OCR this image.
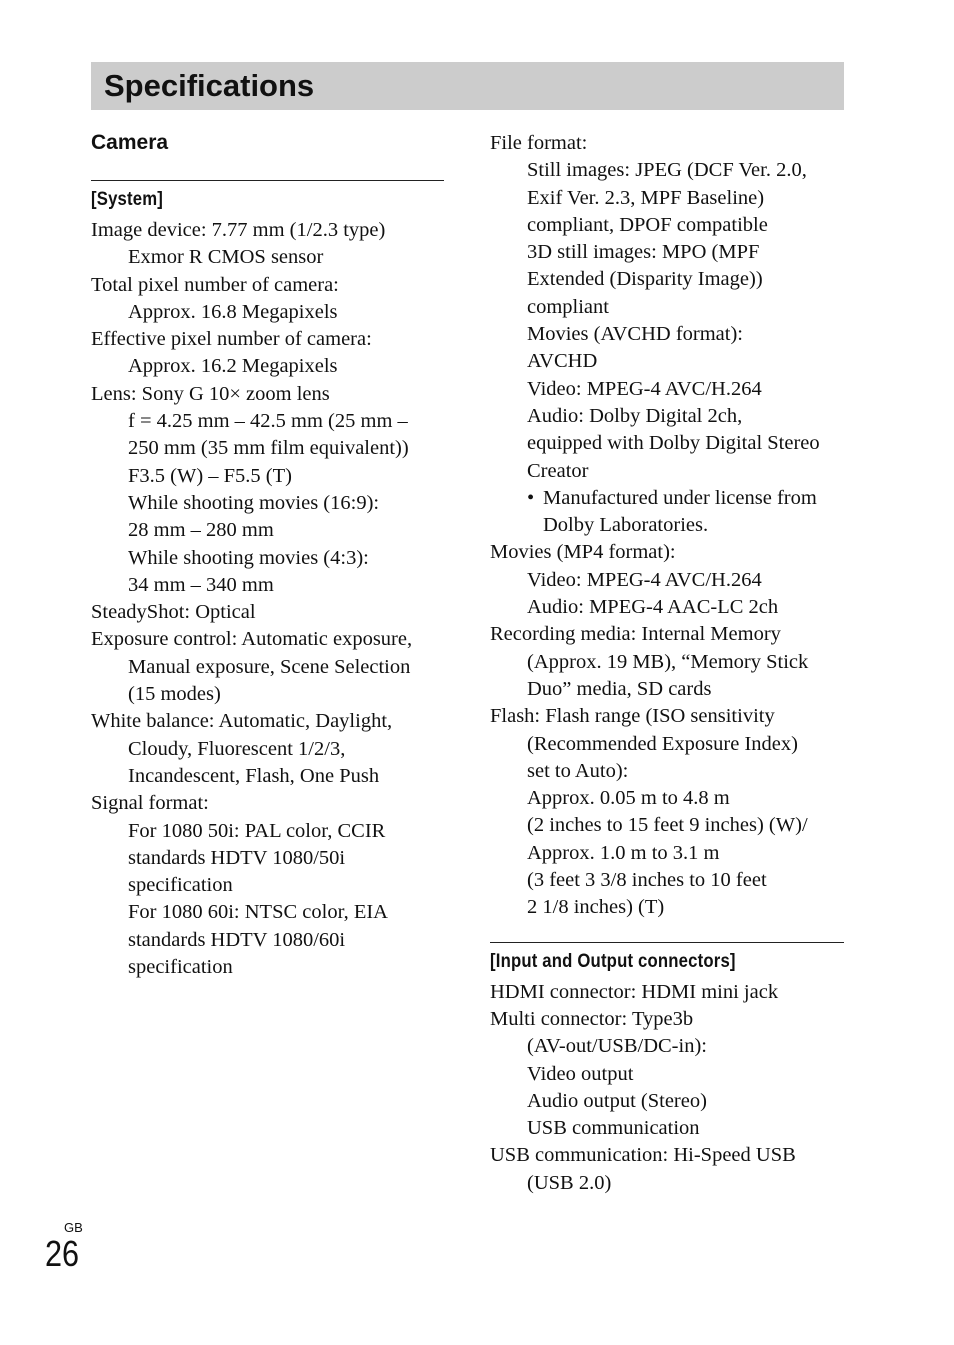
Specifications
Camera
[System]
Image device: 7.77 mm (1/2.3 type)
Exmor R CMOS sensor
Total pixel number of camera:
Approx. 16.8 Megapixels
Effective pixel number of camera:
Approx. 16.2 Megapixels
Lens: Sony G 10× zoom lens
f = 4.25 mm – 42.5 mm (25 mm –
250 mm (35 mm film equivalent))
F3.5 (W) – F5.5 (T)
While shooting movies (16:9):
28 mm – 280 mm
While shooting movies (4:3):
34 mm – 340 mm
SteadyShot: Optical
Exposure control: Automatic exposure,
Manual exposure, Scene Selection
(15 modes)
White balance: Automatic, Daylight,
Cloudy, Fluorescent 1/2/3,
Incandescent, Flash, One Push
Signal format:
For 1080 50i: PAL color, CCIR
standards HDTV 1080/50i
specification
For 1080 60i: NTSC color, EIA
standards HDTV 1080/60i
specification
File format:
Still images: JPEG (DCF Ver. 2.0,
Exif Ver. 2.3, MPF Baseline)
compliant, DPOF compatible
3D still images: MPO (MPF
Extended (Disparity Image))
compliant
Movies (AVCHD format):
AVCHD
Video: MPEG-4 AVC/H.264
Audio: Dolby Digital 2ch,
equipped with Dolby Digital Stereo
Creator
• Manufactured under license from
Dolby Laboratories.
Movies (MP4 format):
Video: MPEG-4 AVC/H.264
Audio: MPEG-4 AAC-LC 2ch
Recording media: Internal Memory
(Approx. 19 MB), “Memory Stick
Duo” media, SD cards
Flash: Flash range (ISO sensitivity
(Recommended Exposure Index)
set to Auto):
Approx. 0.05 m to 4.8 m
(2 inches to 15 feet 9 inches) (W)/
Approx. 1.0 m to 3.1 m
(3 feet 3 3/8 inches to 10 feet
2 1/8 inches) (T)
[Input and Output connectors]
HDMI connector: HDMI mini jack
Multi connector: Type3b
(AV-out/USB/DC-in):
Video output
Audio output (Stereo)
USB communication
USB communication: Hi-Speed USB
(USB 2.0)
GB
26
